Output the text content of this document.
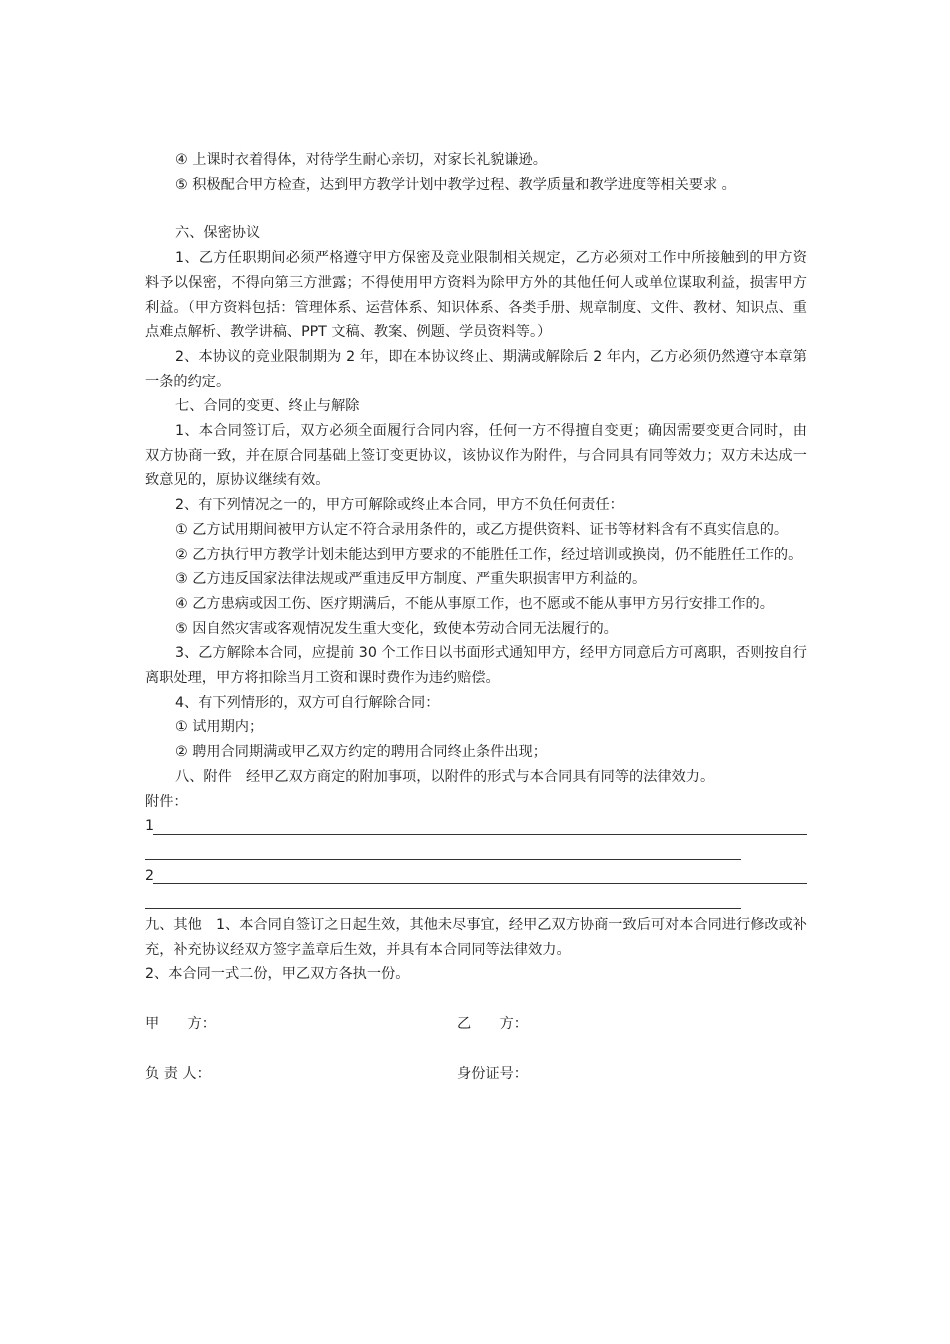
④ 上课时衣着得体，对待学生耐心亲切，对家长礼貌谦逊。

⑤ 积极配合甲方检查，达到甲方教学计划中教学过程、教学质量和教学进度等相关要求 。

六、保密协议

1、乙方任职期间必须严格遵守甲方保密及竞业限制相关规定，乙方必须对工作中所接触到的甲方资料予以保密，不得向第三方泄露；不得使用甲方资料为除甲方外的其他任何人或单位谋取利益，损害甲方利益。（甲方资料包括：管理体系、运营体系、知识体系、各类手册、规章制度、文件、教材、知识点、重点难点解析、教学讲稿、PPT 文稿、教案、例题、学员资料等。）

2、本协议的竞业限制期为 2 年，即在本协议终止、期满或解除后 2 年内，乙方必须仍然遵守本章第一条的约定。

七、合同的变更、终止与解除

1、本合同签订后，双方必须全面履行合同内容，任何一方不得擅自变更；确因需要变更合同时，由双方协商一致，并在原合同基础上签订变更协议，该协议作为附件，与合同具有同等效力；双方未达成一致意见的，原协议继续有效。

2、有下列情况之一的，甲方可解除或终止本合同，甲方不负任何责任：

① 乙方试用期间被甲方认定不符合录用条件的，或乙方提供资料、证书等材料含有不真实信息的。

② 乙方执行甲方教学计划未能达到甲方要求的不能胜任工作，经过培训或换岗，仍不能胜任工作的。

③ 乙方违反国家法律法规或严重违反甲方制度、严重失职损害甲方利益的。

④ 乙方患病或因工伤、医疗期满后，不能从事原工作，也不愿或不能从事甲方另行安排工作的。

⑤ 因自然灾害或客观情况发生重大变化，致使本劳动合同无法履行的。

3、乙方解除本合同，应提前 30 个工作日以书面形式通知甲方，经甲方同意后方可离职，否则按自行离职处理，甲方将扣除当月工资和课时费作为违约赔偿。

4、有下列情形的，双方可自行解除合同：

① 试用期内；

② 聘用合同期满或甲乙双方约定的聘用合同终止条件出现；

八、附件　经甲乙双方商定的附加事项，以附件的形式与本合同具有同等的法律效力。

附件：

1
2

九、其他　1、本合同自签订之日起生效，其他未尽事宜，经甲乙双方协商一致后可对本合同进行修改或补充，补充协议经双方签字盖章后生效，并具有本合同同等法律效力。

2、本合同一式二份，甲乙双方各执一份。

甲　　方：	乙　　方：
负 责 人：	身份证号：
